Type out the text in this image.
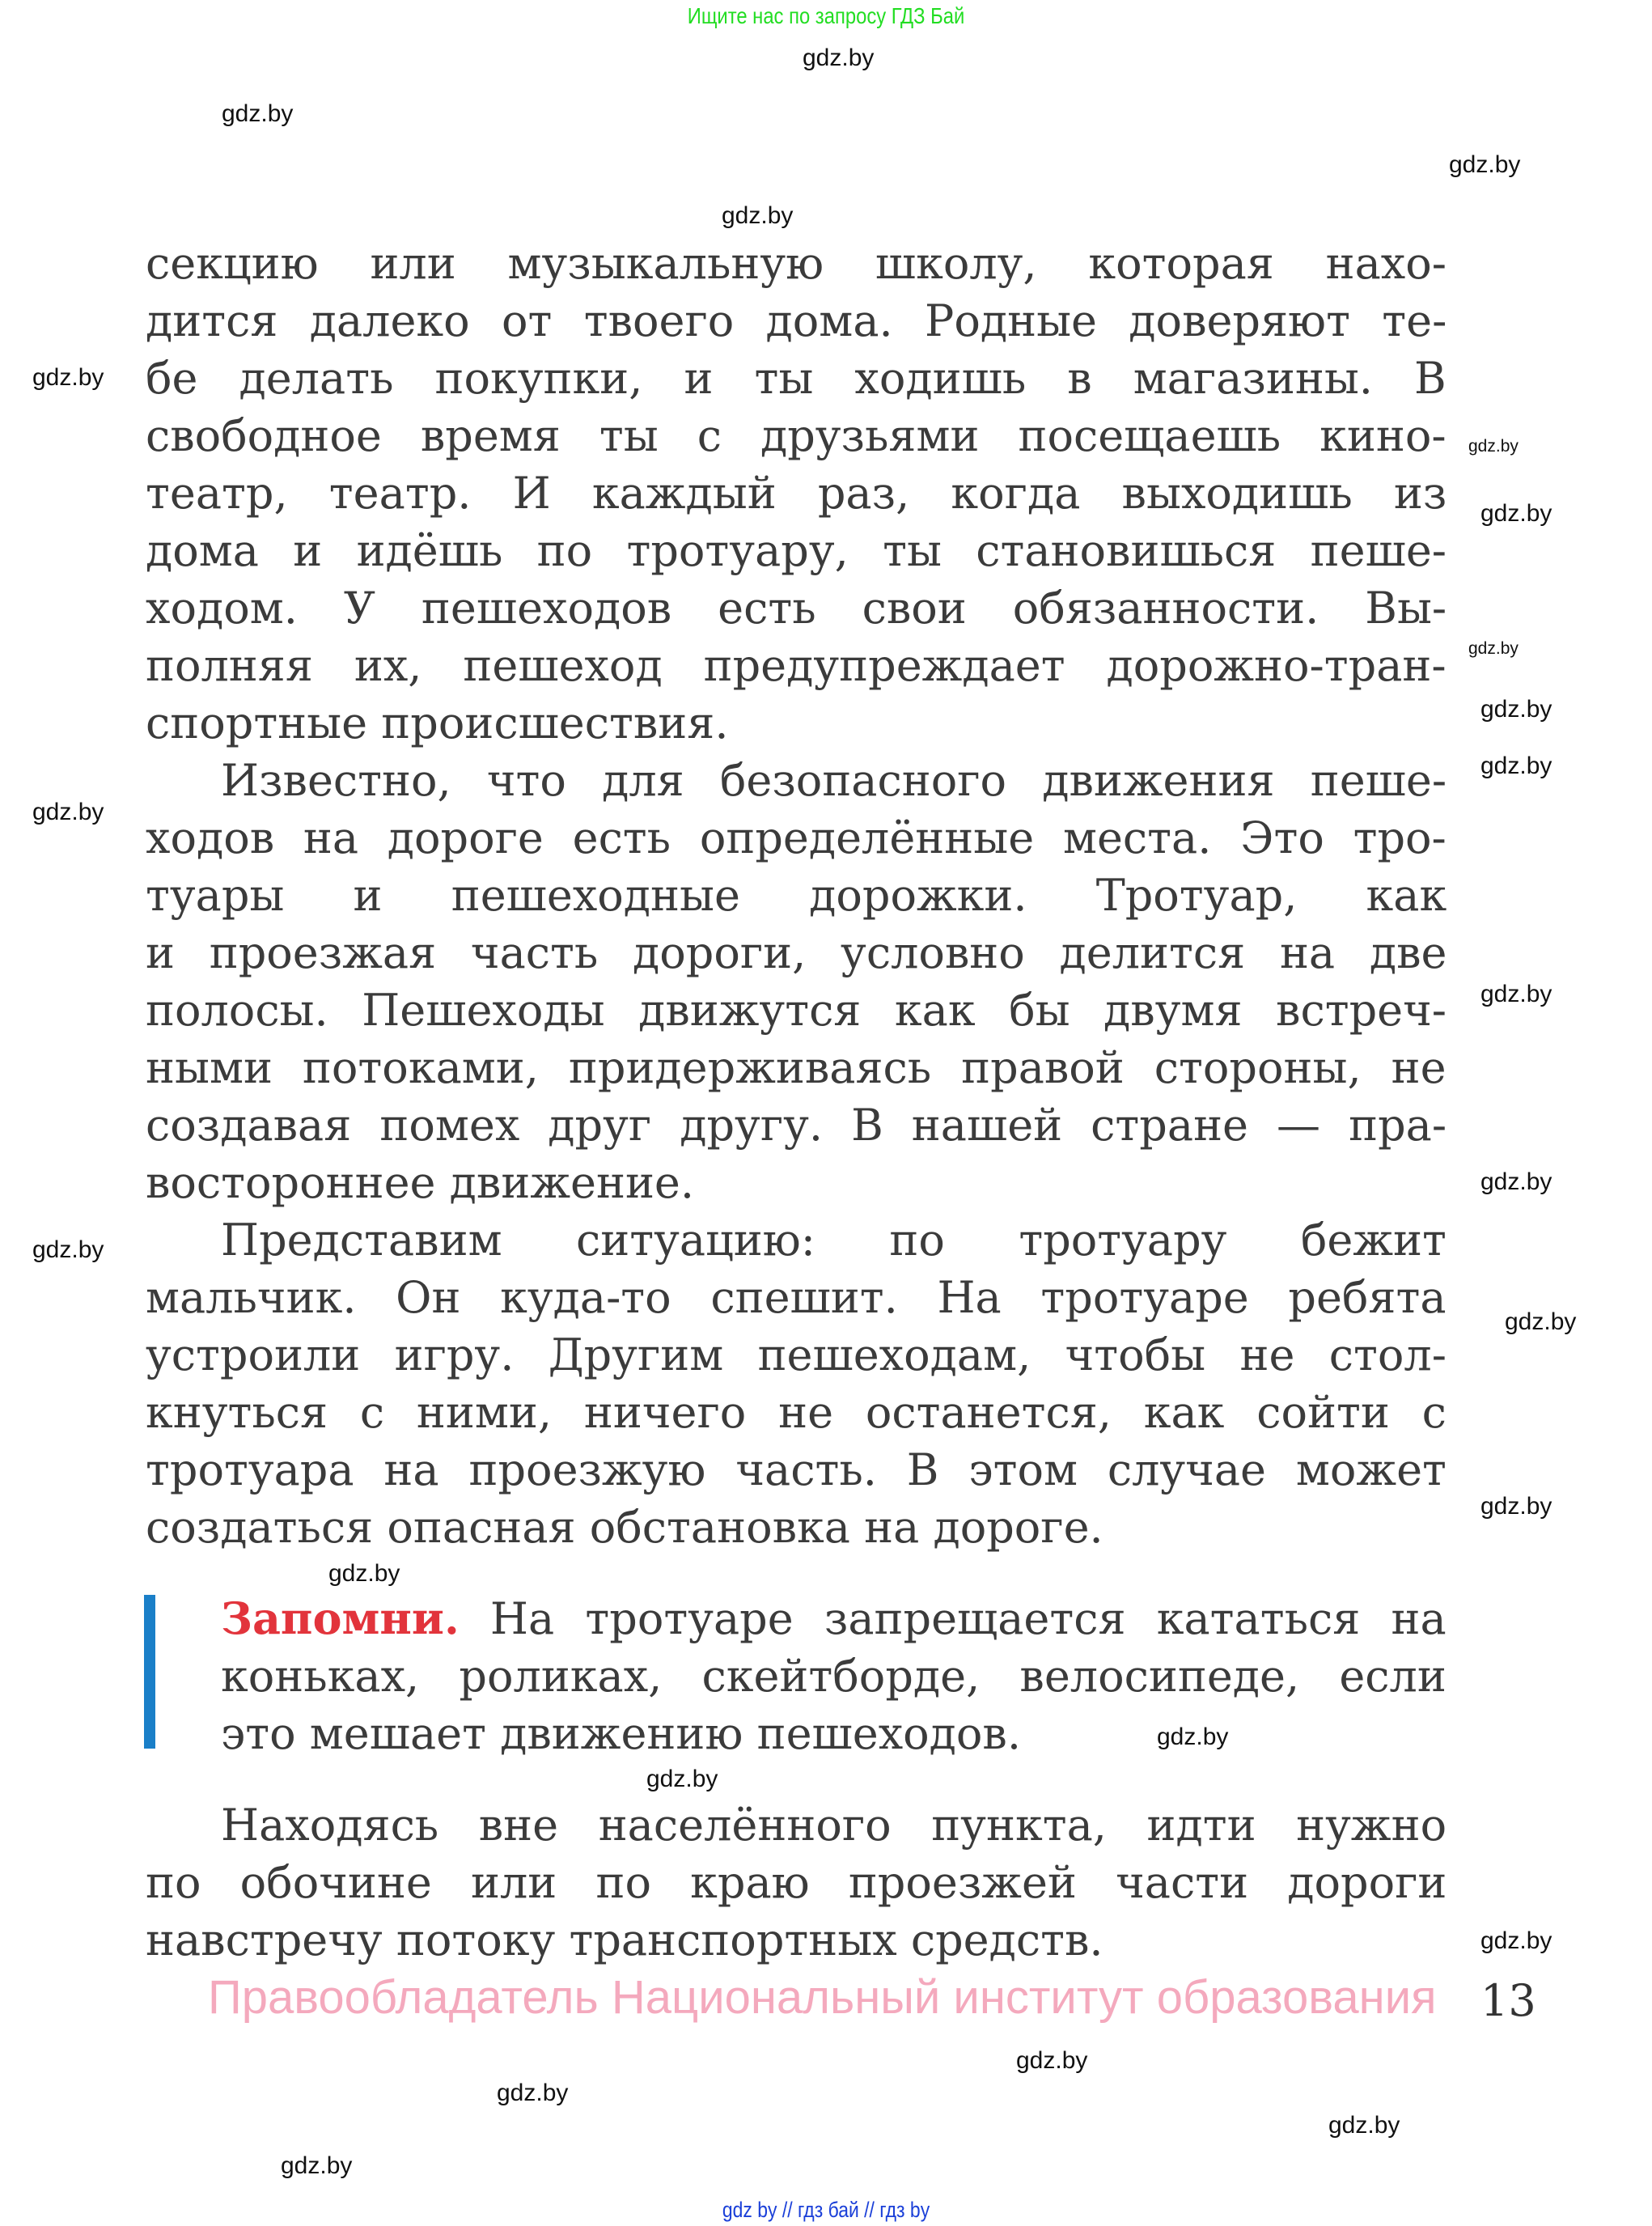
Ищите нас по запросу ГДЗ Бай
секцию или музыкальную школу, которая нахо-
дится далеко от твоего дома. Родные доверяют те-
бе делать покупки, и ты ходишь в магазины. В
свободное время ты с друзьями посещаешь кино-
театр, театр. И каждый раз, когда выходишь из
дома и идёшь по тротуару, ты становишься пеше-
ходом. У пешеходов есть свои обязанности. Вы-
полняя их, пешеход предупреждает дорожно-тран-
спортные происшествия.
Известно, что для безопасного движения пеше-
ходов на дороге есть определённые места. Это тро-
туары и пешеходные дорожки. Тротуар, как
и проезжая часть дороги, условно делится на две
полосы. Пешеходы движутся как бы двумя встреч-
ными потоками, придерживаясь правой стороны, не
создавая помех друг другу. В нашей стране — пра-
востороннее движение.
Представим ситуацию: по тротуару бежит
мальчик. Он куда-то спешит. На тротуаре ребята
устроили игру. Другим пешеходам, чтобы не стол-
кнуться с ними, ничего не останется, как сойти с
тротуара на проезжую часть. В этом случае может
создаться опасная обстановка на дороге.
Запомни. На тротуаре запрещается кататься на
коньках, роликах, скейтборде, велосипеде, если
это мешает движению пешеходов.
Находясь вне населённого пункта, идти нужно
по обочине или по краю проезжей части дороги
навстречу потоку транспортных средств.
Правообладатель Национальный институт образования 13
gdz.by
gdz.by
gdz.by
gdz.by
gdz.by
gdz.by
gdz.by
gdz.by
gdz.by
gdz.by
gdz.by
gdz.by
gdz.by
gdz.by
gdz.by
gdz.by
gdz.by
gdz.by
gdz.by
gdz.by
gdz.by
gdz.by
gdz.by
gdz.by
gdz by // гдз бай // гдз by
